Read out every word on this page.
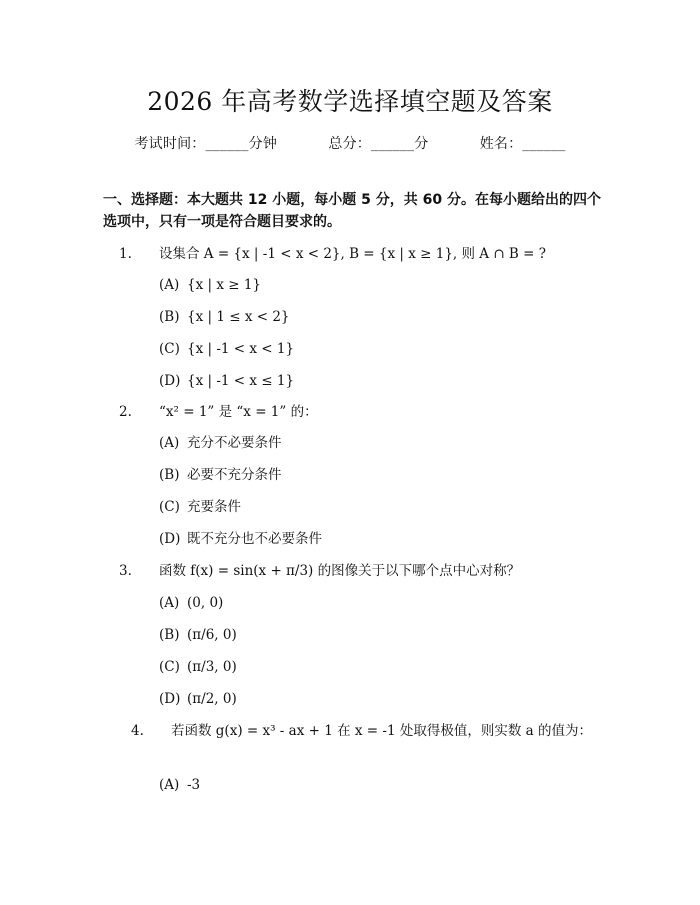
2026 年高考数学选择填空题及答案
考试时间：______分钟	总分：______分	姓名：______
一、选择题：本大题共 12 小题，每小题 5 分，共 60 分。在每小题给出的四个选项中，只有一项是符合题目要求的。
1. 设集合 A = {x | -1 < x < 2}, B = {x | x ≥ 1}, 则 A ∩ B = ?
(A) {x | x ≥ 1}
(B) {x | 1 ≤ x < 2}
(C) {x | -1 < x < 1}
(D) {x | -1 < x ≤ 1}
2. “x² = 1” 是 “x = 1” 的：
(A) 充分不必要条件
(B) 必要不充分条件
(C) 充要条件
(D) 既不充分也不必要条件
3. 函数 f(x) = sin(x + π/3) 的图像关于以下哪个点中心对称？
(A) (0, 0)
(B) (π/6, 0)
(C) (π/3, 0)
(D) (π/2, 0)
4. 若函数 g(x) = x³ - ax + 1 在 x = -1 处取得极值，则实数 a 的值为：
(A) -3
